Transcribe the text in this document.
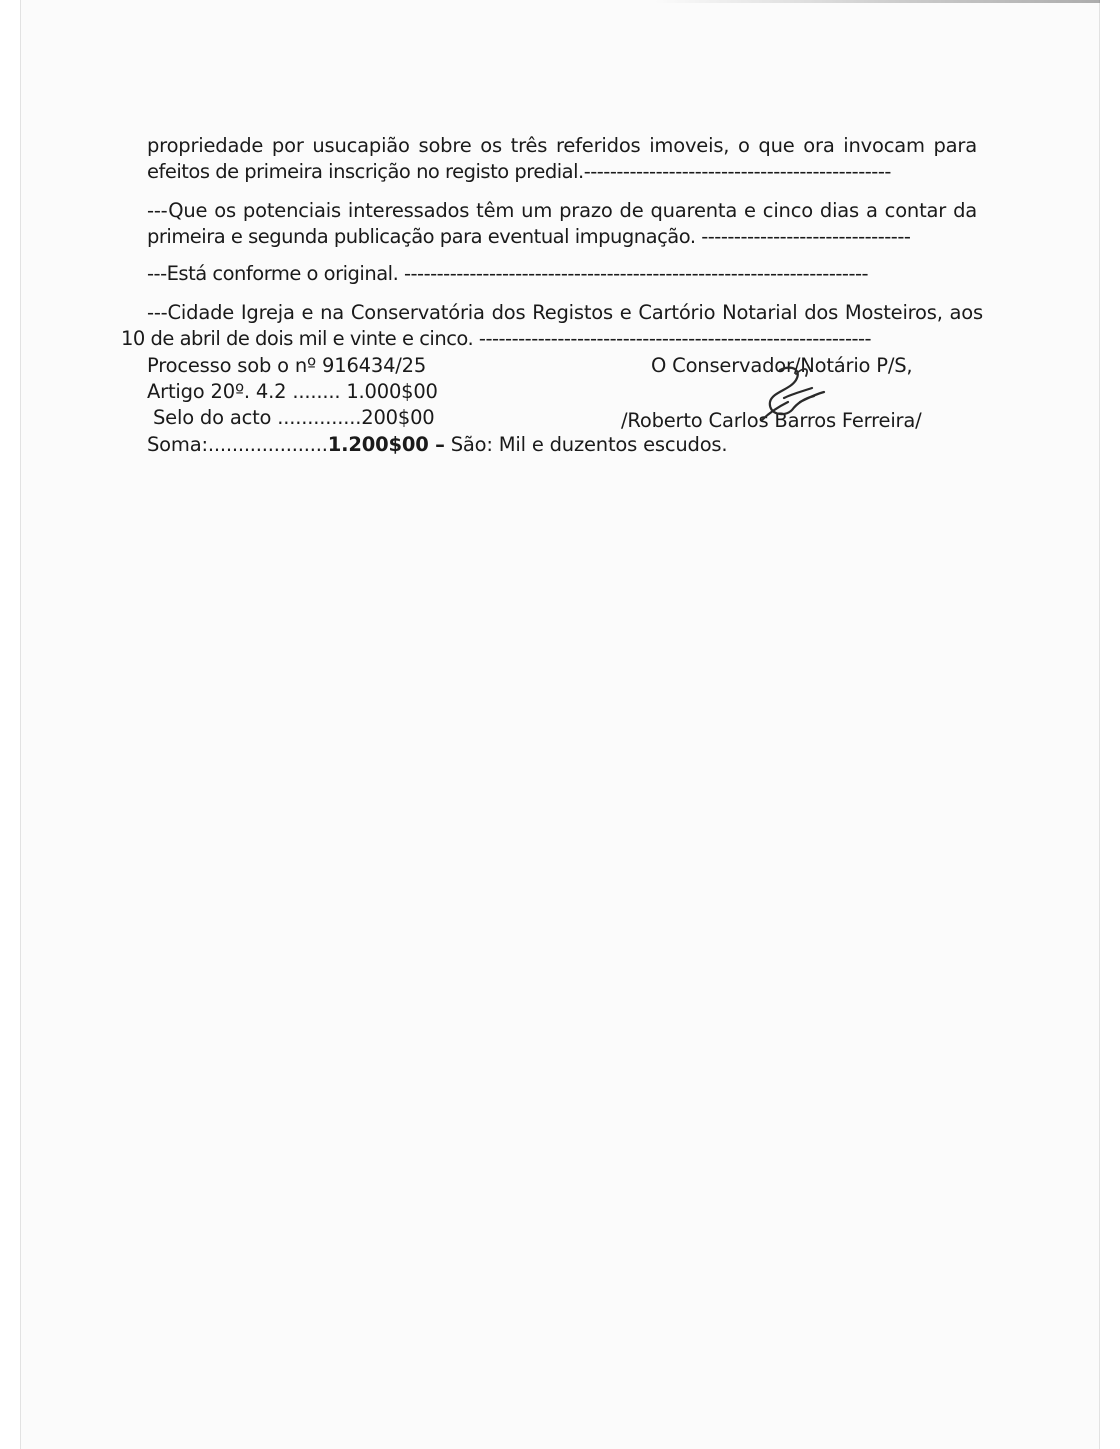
propriedade por usucapião sobre os três referidos imoveis, o que ora invocam para
efeitos de primeira inscrição no registo predial.-----------------------------------------------
---Que os potenciais interessados têm um prazo de quarenta e cinco dias a contar da
primeira e segunda publicação para eventual impugnação. --------------------------------
---Está conforme o original. -----------------------------------------------------------------------
---Cidade Igreja e na Conservatória dos Registos e Cartório Notarial dos Mosteiros, aos
10 de abril de dois mil e vinte e cinco. ------------------------------------------------------------
Processo sob o nº 916434/25
Artigo 20º. 4.2 ........ 1.000$00
Selo do acto ..............200$00
Soma:....................1.200$00 – São: Mil e duzentos escudos.
O Conservador/Notário P/S,
/Roberto Carlos Barros Ferreira/
